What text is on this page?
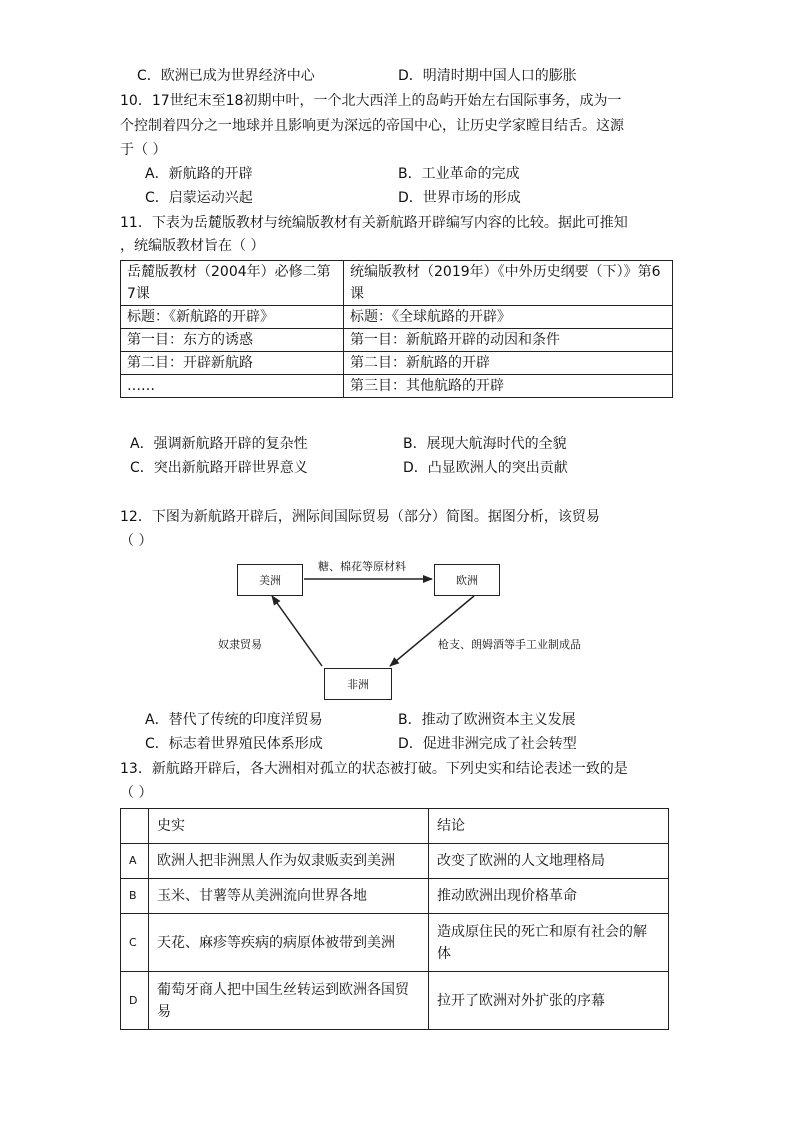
C．欧洲已成为世界经济中心	D．明清时期中国人口的膨胀
10．17世纪末至18初期中叶，一个北大西洋上的岛屿开始左右国际事务，成为一
个控制着四分之一地球并且影响更为深远的帝国中心，让历史学家瞠目结舌。这源
于（ ）
A．新航路的开辟	B．工业革命的完成
C．启蒙运动兴起	D．世界市场的形成
11．下表为岳麓版教材与统编版教材有关新航路开辟编写内容的比较。据此可推知
，统编版教材旨在（ ）
岳麓版教材（2004年）必修二第7课	统编版教材（2019年）《中外历史纲要（下）》第6课
标题：《新航路的开辟》	标题：《全球航路的开辟》
第一目：东方的诱惑	第一目：新航路开辟的动因和条件
第二目：开辟新航路	第二目：新航路的开辟
……	第三目：其他航路的开辟
A．强调新航路开辟的复杂性	B．展现大航海时代的全貌
C．突出新航路开辟世界意义	D．凸显欧洲人的突出贡献
12．下图为新航路开辟后，洲际间国际贸易（部分）简图。据图分析，该贸易
（ ）
美洲	欧洲
非洲
糖、棉花等原材料
奴隶贸易	枪支、朗姆酒等手工业制成品
A．替代了传统的印度洋贸易	B．推动了欧洲资本主义发展
C．标志着世界殖民体系形成	D．促进非洲完成了社会转型
13．新航路开辟后，各大洲相对孤立的状态被打破。下列史实和结论表述一致的是
（ ）
	史实	结论
A	欧洲人把非洲黑人作为奴隶贩卖到美洲	改变了欧洲的人文地理格局
B	玉米、甘薯等从美洲流向世界各地	推动欧洲出现价格革命
C	天花、麻疹等疾病的病原体被带到美洲	造成原住民的死亡和原有社会的解体
D	葡萄牙商人把中国生丝转运到欧洲各国贸易	拉开了欧洲对外扩张的序幕
